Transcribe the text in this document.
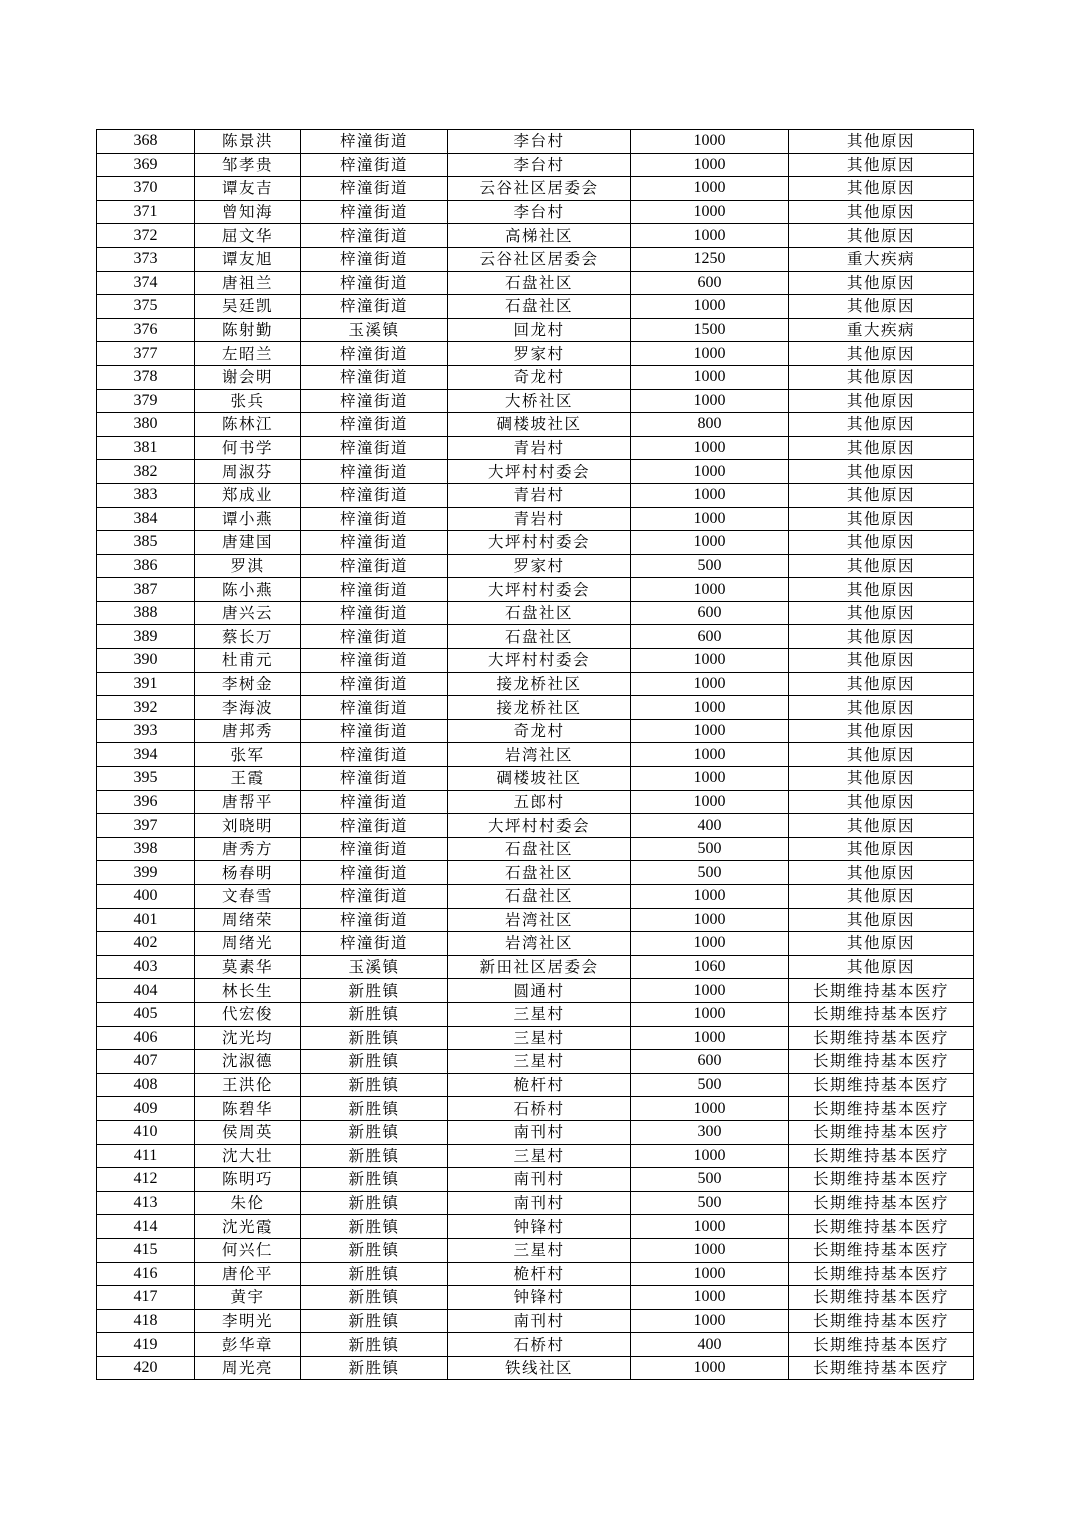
368	陈景洪	梓潼街道	李台村	1000	其他原因
369	邹孝贵	梓潼街道	李台村	1000	其他原因
370	谭友吉	梓潼街道	云谷社区居委会	1000	其他原因
371	曾知海	梓潼街道	李台村	1000	其他原因
372	屈文华	梓潼街道	高梯社区	1000	其他原因
373	谭友旭	梓潼街道	云谷社区居委会	1250	重大疾病
374	唐祖兰	梓潼街道	石盘社区	600	其他原因
375	吴廷凯	梓潼街道	石盘社区	1000	其他原因
376	陈射勤	玉溪镇	回龙村	1500	重大疾病
377	左昭兰	梓潼街道	罗家村	1000	其他原因
378	谢会明	梓潼街道	奇龙村	1000	其他原因
379	张兵	梓潼街道	大桥社区	1000	其他原因
380	陈林江	梓潼街道	碉楼坡社区	800	其他原因
381	何书学	梓潼街道	青岩村	1000	其他原因
382	周淑芬	梓潼街道	大坪村村委会	1000	其他原因
383	郑成业	梓潼街道	青岩村	1000	其他原因
384	谭小燕	梓潼街道	青岩村	1000	其他原因
385	唐建国	梓潼街道	大坪村村委会	1000	其他原因
386	罗淇	梓潼街道	罗家村	500	其他原因
387	陈小燕	梓潼街道	大坪村村委会	1000	其他原因
388	唐兴云	梓潼街道	石盘社区	600	其他原因
389	蔡长万	梓潼街道	石盘社区	600	其他原因
390	杜甫元	梓潼街道	大坪村村委会	1000	其他原因
391	李树金	梓潼街道	接龙桥社区	1000	其他原因
392	李海波	梓潼街道	接龙桥社区	1000	其他原因
393	唐邦秀	梓潼街道	奇龙村	1000	其他原因
394	张军	梓潼街道	岩湾社区	1000	其他原因
395	王霞	梓潼街道	碉楼坡社区	1000	其他原因
396	唐帮平	梓潼街道	五郎村	1000	其他原因
397	刘晓明	梓潼街道	大坪村村委会	400	其他原因
398	唐秀方	梓潼街道	石盘社区	500	其他原因
399	杨春明	梓潼街道	石盘社区	500	其他原因
400	文春雪	梓潼街道	石盘社区	1000	其他原因
401	周绪荣	梓潼街道	岩湾社区	1000	其他原因
402	周绪光	梓潼街道	岩湾社区	1000	其他原因
403	莫素华	玉溪镇	新田社区居委会	1060	其他原因
404	林长生	新胜镇	圆通村	1000	长期维持基本医疗
405	代宏俊	新胜镇	三星村	1000	长期维持基本医疗
406	沈光均	新胜镇	三星村	1000	长期维持基本医疗
407	沈淑德	新胜镇	三星村	600	长期维持基本医疗
408	王洪伦	新胜镇	桅杆村	500	长期维持基本医疗
409	陈碧华	新胜镇	石桥村	1000	长期维持基本医疗
410	侯周英	新胜镇	南刊村	300	长期维持基本医疗
411	沈大壮	新胜镇	三星村	1000	长期维持基本医疗
412	陈明巧	新胜镇	南刊村	500	长期维持基本医疗
413	朱伦	新胜镇	南刊村	500	长期维持基本医疗
414	沈光霞	新胜镇	钟锋村	1000	长期维持基本医疗
415	何兴仁	新胜镇	三星村	1000	长期维持基本医疗
416	唐伦平	新胜镇	桅杆村	1000	长期维持基本医疗
417	黄宇	新胜镇	钟锋村	1000	长期维持基本医疗
418	李明光	新胜镇	南刊村	1000	长期维持基本医疗
419	彭华章	新胜镇	石桥村	400	长期维持基本医疗
420	周光亮	新胜镇	铁线社区	1000	长期维持基本医疗
